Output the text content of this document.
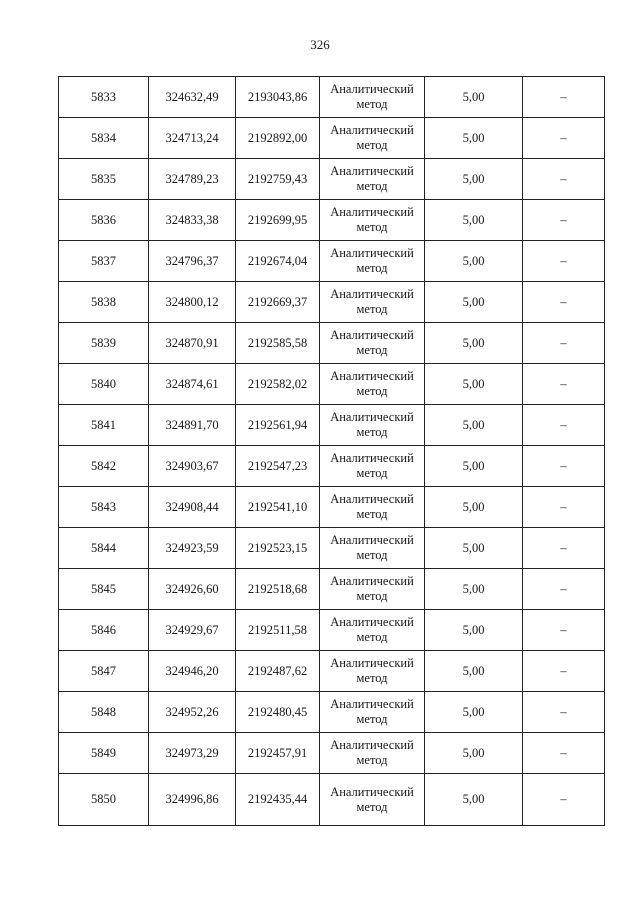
326
5833	324632,49	2193043,86	Аналитический метод	5,00	–
5834	324713,24	2192892,00	Аналитический метод	5,00	–
5835	324789,23	2192759,43	Аналитический метод	5,00	–
5836	324833,38	2192699,95	Аналитический метод	5,00	–
5837	324796,37	2192674,04	Аналитический метод	5,00	–
5838	324800,12	2192669,37	Аналитический метод	5,00	–
5839	324870,91	2192585,58	Аналитический метод	5,00	–
5840	324874,61	2192582,02	Аналитический метод	5,00	–
5841	324891,70	2192561,94	Аналитический метод	5,00	–
5842	324903,67	2192547,23	Аналитический метод	5,00	–
5843	324908,44	2192541,10	Аналитический метод	5,00	–
5844	324923,59	2192523,15	Аналитический метод	5,00	–
5845	324926,60	2192518,68	Аналитический метод	5,00	–
5846	324929,67	2192511,58	Аналитический метод	5,00	–
5847	324946,20	2192487,62	Аналитический метод	5,00	–
5848	324952,26	2192480,45	Аналитический метод	5,00	–
5849	324973,29	2192457,91	Аналитический метод	5,00	–
5850	324996,86	2192435,44	Аналитический метод	5,00	–
